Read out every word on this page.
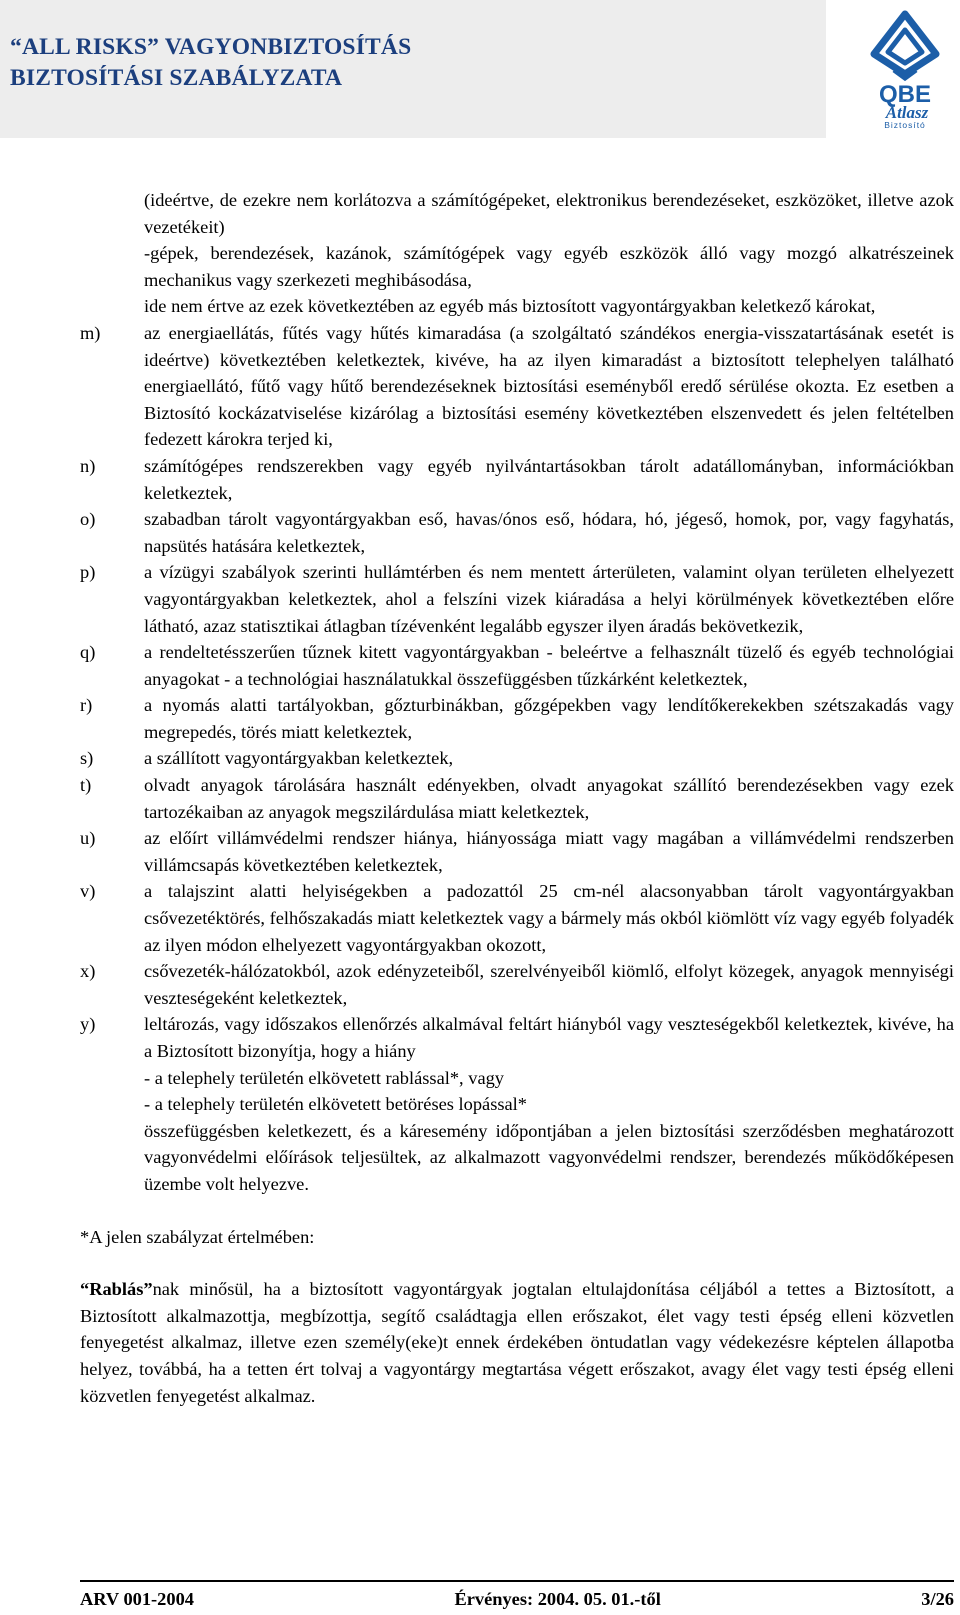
“ALL RISKS” VAGYONBIZTOSÍTÁS
BIZTOSÍTÁSI SZABÁLYZATA
QBE
Atlasz
Biztosító
(ideértve, de ezekre nem korlátozva a számítógépeket, elektronikus berendezéseket, eszközöket, illetve azok vezetékeit)
-gépek, berendezések, kazánok, számítógépek vagy egyéb eszközök álló vagy mozgó alkatrészeinek mechanikus vagy szerkezeti meghibásodása,
ide nem értve az ezek következtében az egyéb más biztosított vagyontárgyakban keletkező károkat,
m)	az energiaellátás, fűtés vagy hűtés kimaradása (a szolgáltató szándékos energia-visszatartásának esetét is ideértve) következtében keletkeztek, kivéve, ha az ilyen kimaradást a biztosított telephelyen található energiaellátó, fűtő vagy hűtő berendezéseknek biztosítási eseményből eredő sérülése okozta. Ez esetben a Biztosító kockázatviselése kizárólag a biztosítási esemény következtében elszenvedett és jelen feltételben fedezett károkra terjed ki,
n)	számítógépes rendszerekben vagy egyéb nyilvántartásokban tárolt adatállományban, információkban keletkeztek,
o)	szabadban tárolt vagyontárgyakban eső, havas/ónos eső, hódara, hó, jégeső, homok, por, vagy fagyhatás, napsütés hatására keletkeztek,
p)	a vízügyi szabályok szerinti hullámtérben és nem mentett árterületen, valamint olyan területen elhelyezett vagyontárgyakban keletkeztek, ahol a felszíni vizek kiáradása a helyi körülmények következtében előre látható, azaz statisztikai átlagban tízévenként legalább egyszer ilyen áradás bekövetkezik,
q)	a rendeltetésszerűen tűznek kitett vagyontárgyakban - beleértve a felhasznált tüzelő és egyéb technológiai anyagokat - a technológiai használatukkal összefüggésben tűzkárként keletkeztek,
r)	a nyomás alatti tartályokban, gőzturbinákban, gőzgépekben vagy lendítőkerekekben szétszakadás vagy megrepedés, törés miatt keletkeztek,
s)	a szállított vagyontárgyakban keletkeztek,
t)	olvadt anyagok tárolására használt edényekben, olvadt anyagokat szállító berendezésekben vagy ezek tartozékaiban az anyagok megszilárdulása miatt keletkeztek,
u)	az előírt villámvédelmi rendszer hiánya, hiányossága miatt vagy magában a villámvédelmi rendszerben villámcsapás következtében keletkeztek,
v)	a talajszint alatti helyiségekben a padozattól 25 cm-nél alacsonyabban tárolt vagyontárgyakban csővezetéktörés, felhőszakadás miatt keletkeztek vagy a bármely más okból kiömlött víz vagy egyéb folyadék az ilyen módon elhelyezett vagyontárgyakban okozott,
x)	csővezeték-hálózatokból, azok edényzeteiből, szerelvényeiből kiömlő, elfolyt közegek, anyagok mennyiségi veszteségeként keletkeztek,
y)	leltározás, vagy időszakos ellenőrzés alkalmával feltárt hiányból vagy veszteségekből keletkeztek, kivéve, ha a Biztosított bizonyítja, hogy a hiány
- a telephely területén elkövetett rablással*, vagy
- a telephely területén elkövetett betöréses lopással*
összefüggésben keletkezett, és a káresemény időpontjában a jelen biztosítási szerződésben meghatározott vagyonvédelmi előírások teljesültek, az alkalmazott vagyonvédelmi rendszer, berendezés működőképesen üzembe volt helyezve.
*A jelen szabályzat értelmében:
“Rablás”nak minősül, ha a biztosított vagyontárgyak jogtalan eltulajdonítása céljából a tettes a Biztosított, a Biztosított alkalmazottja, megbízottja, segítő családtagja ellen erőszakot, élet vagy testi épség elleni közvetlen fenyegetést alkalmaz, illetve ezen személy(eke)t ennek érdekében öntudatlan vagy védekezésre képtelen állapotba helyez, továbbá, ha a tetten ért tolvaj a vagyontárgy megtartása végett erőszakot, avagy élet vagy testi épség elleni közvetlen fenyegetést alkalmaz.
ARV 001-2004	Érvényes: 2004. 05. 01.-től	3/26
